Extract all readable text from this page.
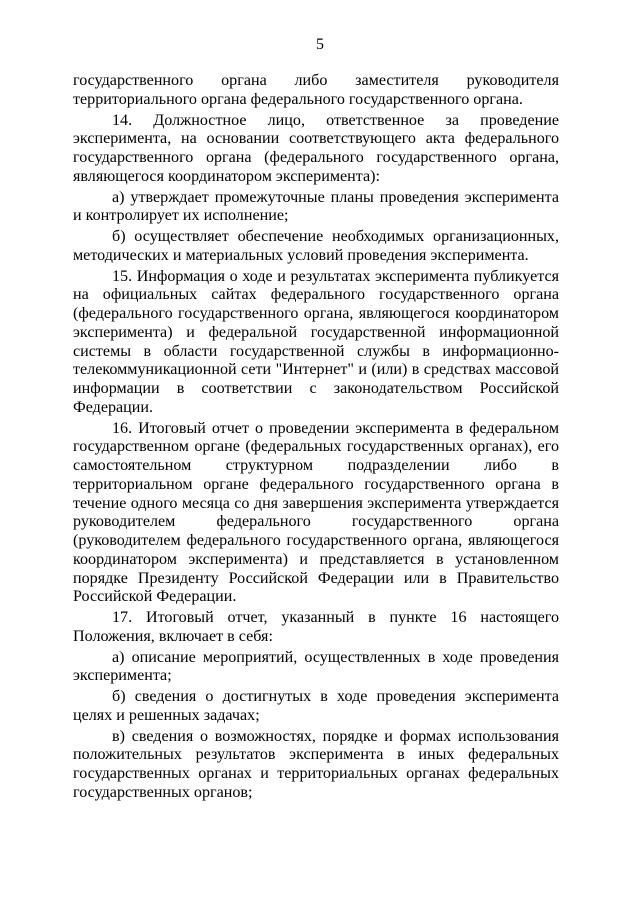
5

государственного органа либо заместителя руководителя территориального органа федерального государственного органа.

14. Должностное лицо, ответственное за проведение эксперимента, на основании соответствующего акта федерального государственного органа (федерального государственного органа, являющегося координатором эксперимента):

а) утверждает промежуточные планы проведения эксперимента и контролирует их исполнение;

б) осуществляет обеспечение необходимых организационных, методических и материальных условий проведения эксперимента.

15. Информация о ходе и результатах эксперимента публикуется на официальных сайтах федерального государственного органа (федерального государственного органа, являющегося координатором эксперимента) и федеральной государственной информационной системы в области государственной службы в информационно-телекоммуникационной сети "Интернет" и (или) в средствах массовой информации в соответствии с законодательством Российской Федерации.

16. Итоговый отчет о проведении эксперимента в федеральном государственном органе (федеральных государственных органах), его самостоятельном структурном подразделении либо в территориальном органе федерального государственного органа в течение одного месяца со дня завершения эксперимента утверждается руководителем федерального государственного органа (руководителем федерального государственного органа, являющегося координатором эксперимента) и представляется в установленном порядке Президенту Российской Федерации или в Правительство Российской Федерации.

17. Итоговый отчет, указанный в пункте 16 настоящего Положения, включает в себя:

а) описание мероприятий, осуществленных в ходе проведения эксперимента;

б) сведения о достигнутых в ходе проведения эксперимента целях и решенных задачах;

в) сведения о возможностях, порядке и формах использования положительных результатов эксперимента в иных федеральных государственных органах и территориальных органах федеральных государственных органов;
